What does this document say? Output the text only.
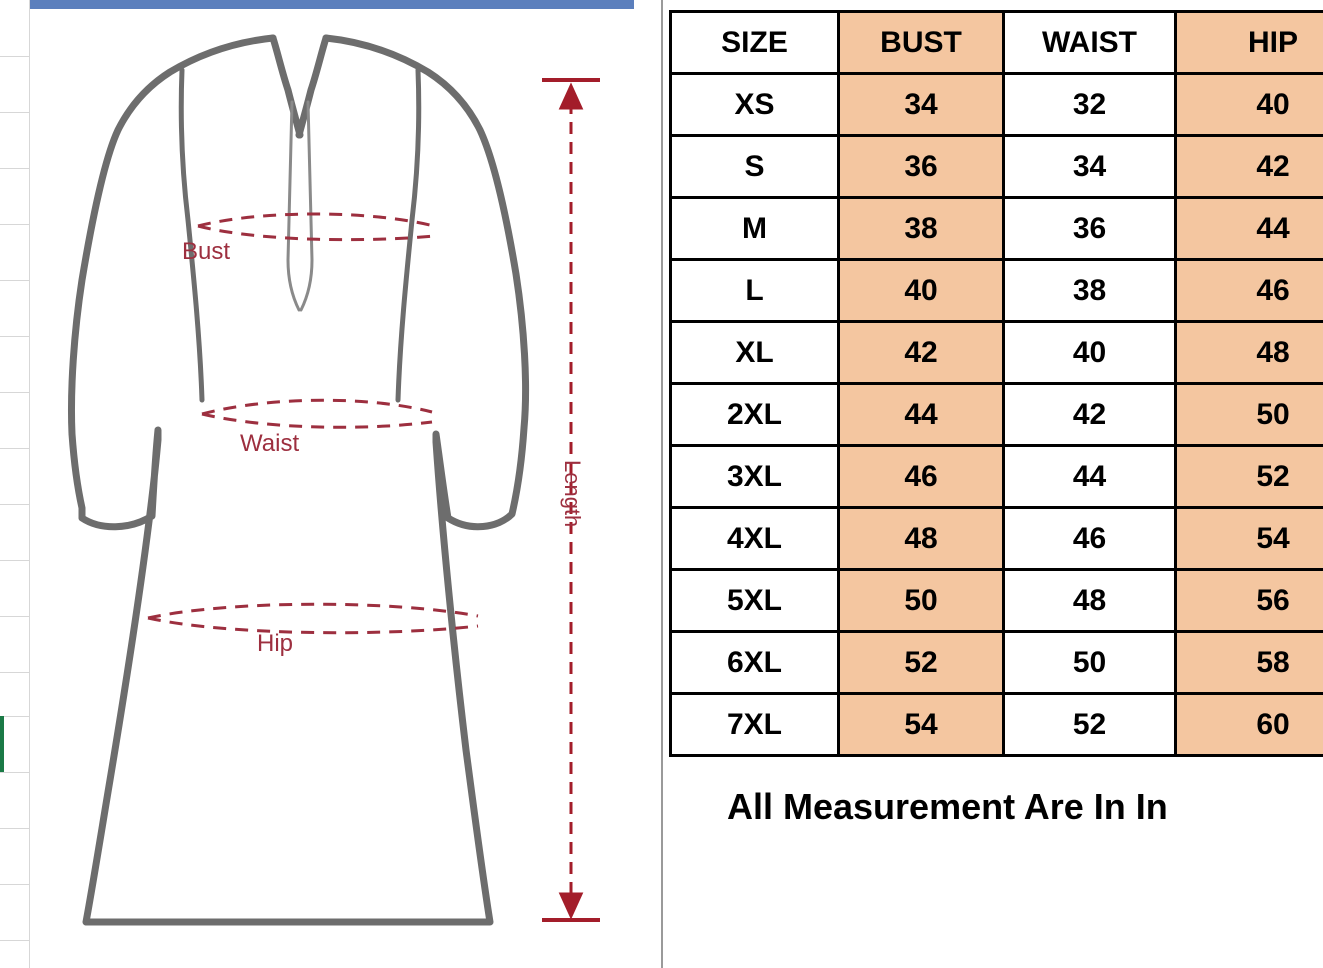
Bust
Waist
Hip
Length
SIZE	BUST	WAIST	HIP
XS	34	32	40
S	36	34	42
M	38	36	44
L	40	38	46
XL	42	40	48
2XL	44	42	50
3XL	46	44	52
4XL	48	46	54
5XL	50	48	56
6XL	52	50	58
7XL	54	52	60
All Measurement Are In In
